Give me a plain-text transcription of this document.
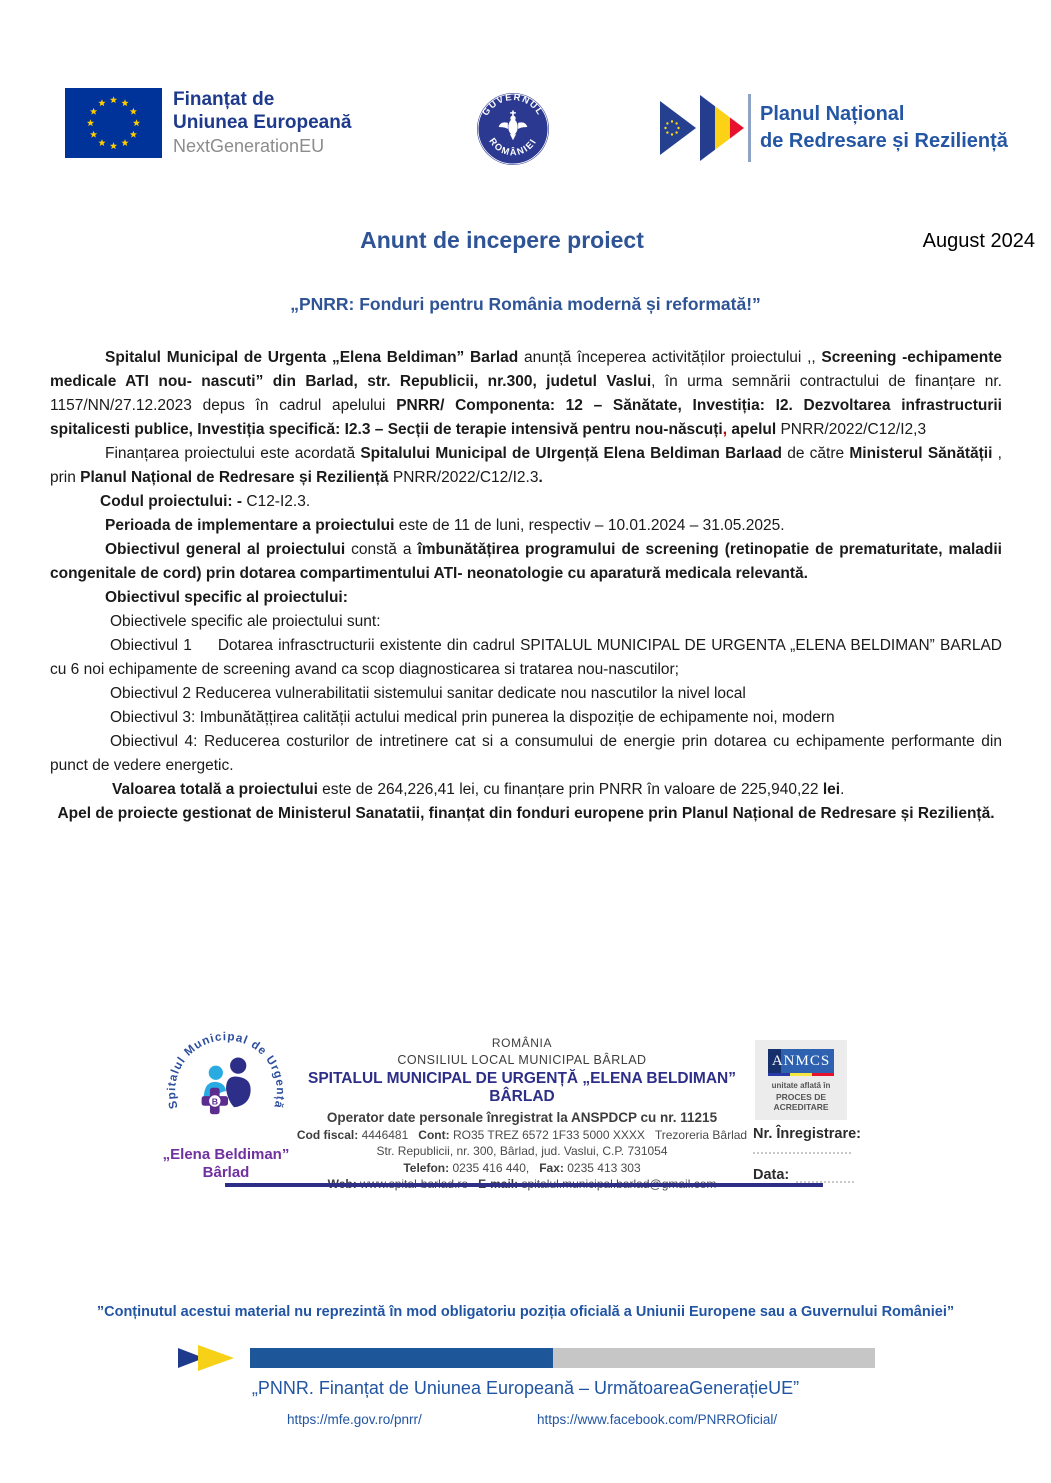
Finanțat de
Uniunea Europeană
NextGenerationEU
GUVERNUL
ROMÂNIEI
Planul Național
de Redresare și Reziliență
Anunt de incepere proiect	August 2024
„PNRR: Fonduri pentru România modernă și reformată!”

Spitalul Municipal de Urgenta „Elena Beldiman” Barlad anunță începerea activităților proiectului ,, Screening -echipamente medicale ATI nou- nascuti” din Barlad, str. Republicii, nr.300, judetul Vaslui, în urma semnării contractului de finanțare nr. 1157/NN/27.12.2023 depus în cadrul apelului PNRR/ Componenta: 12 – Sănătate, Investiția: I2. Dezvoltarea infrastructurii spitalicesti publice, Investiția specifică: I2.3 – Secții de terapie intensivă pentru nou-născuți, apelul PNRR/2022/C12/I2,3

Finanțarea proiectului este acordată Spitalului Municipal de UIrgență Elena Beldiman Barlaad de către Ministerul Sănătății , prin Planul Național de Redresare și Reziliență PNRR/2022/C12/I2.3.

Codul proiectului: - C12-I2.3.

Perioada de implementare a proiectului este de 11 de luni, respectiv – 10.01.2024 – 31.05.2025.

Obiectivul general al proiectului constă a îmbunătățirea programului de screening (retinopatie de prematuritate, maladii congenitale de cord) prin dotarea compartimentului ATI- neonatologie cu aparatură medicala relevantă.

Obiectivul specific al proiectului:

Obiectivele specific ale proiectului sunt:

Obiectivul 1 Dotarea infrasctructurii existente din cadrul SPITALUL MUNICIPAL DE URGENTA „ELENA BELDIMAN” BARLAD cu 6 noi echipamente de screening avand ca scop diagnosticarea si tratarea nou-nascutilor;

Obiectivul 2 Reducerea vulnerabilitatii sistemului sanitar dedicate nou nascutilor la nivel local

Obiectivul 3: Imbunătățțirea calității actului medical prin punerea la dispoziție de echipamente noi, modern

Obiectivul 4: Reducerea costurilor de intretinere cat si a consumului de energie prin dotarea cu echipamente performante din punct de vedere energetic.

Valoarea totală a proiectului este de 264,226,41 lei, cu finanțare prin PNRR în valoare de 225,940,22 lei.

Apel de proiecte gestionat de Ministerul Sanatatii, finanțat din fonduri europene prin Planul Național de Redresare și Reziliență.

Spitalul Municipal de Urgență
B
„Elena Beldiman”
Bârlad
ROMÂNIA
CONSILIUL LOCAL MUNICIPAL BÂRLAD
SPITALUL MUNICIPAL DE URGENȚĂ „ELENA BELDIMAN” BÂRLAD
Operator date personale înregistrat la ANSPDCP cu nr. 11215
Cod fiscal: 4446481 Cont: RO35 TREZ 6572 1F33 5000 XXXX Trezoreria Bârlad
Str. Republicii, nr. 300, Bârlad, jud. Vaslui, C.P. 731054
Telefon: 0235 416 440, Fax: 0235 413 303
ANMCS
unitate aflată în
PROCES DE ACREDITARE
Nr. Înregistrare:
Data:
”Conținutul acestui material nu reprezintă în mod obligatoriu poziția oficială a Uniunii Europene sau a Guvernului României”
„PNNR. Finanțat de Uniunea Europeană – UrmătoareaGenerațieUE”
https://mfe.gov.ro/pnrr/	https://www.facebook.com/PNRROficial/
